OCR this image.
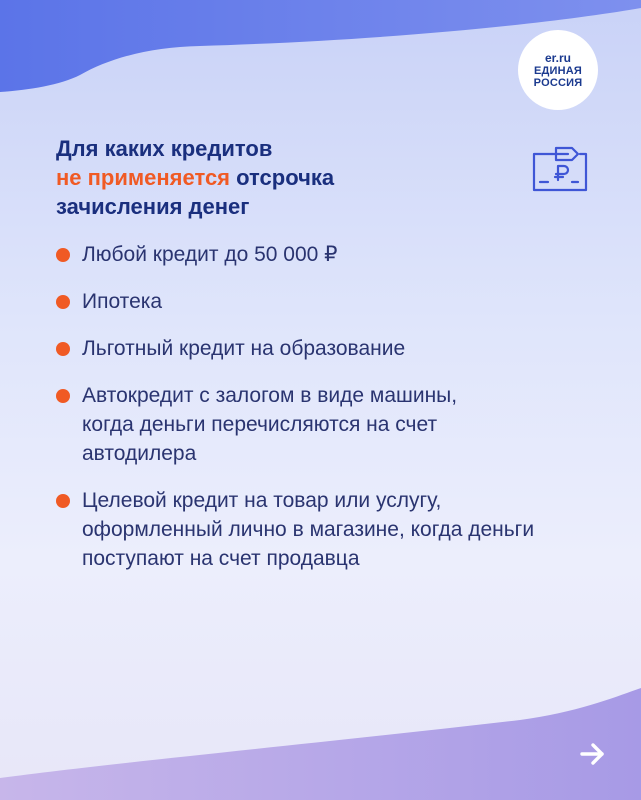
er.ru
ЕДИНАЯ
РОССИЯ
Для каких кредитов
не применяется отсрочка
зачисления денег
Любой кредит до 50 000 ₽
Ипотека
Льготный кредит на образование
Автокредит с залогом в виде машины, когда деньги перечисляются на счет автодилера
Целевой кредит на товар или услугу, оформленный лично в магазине, когда деньги поступают на счет продавца
